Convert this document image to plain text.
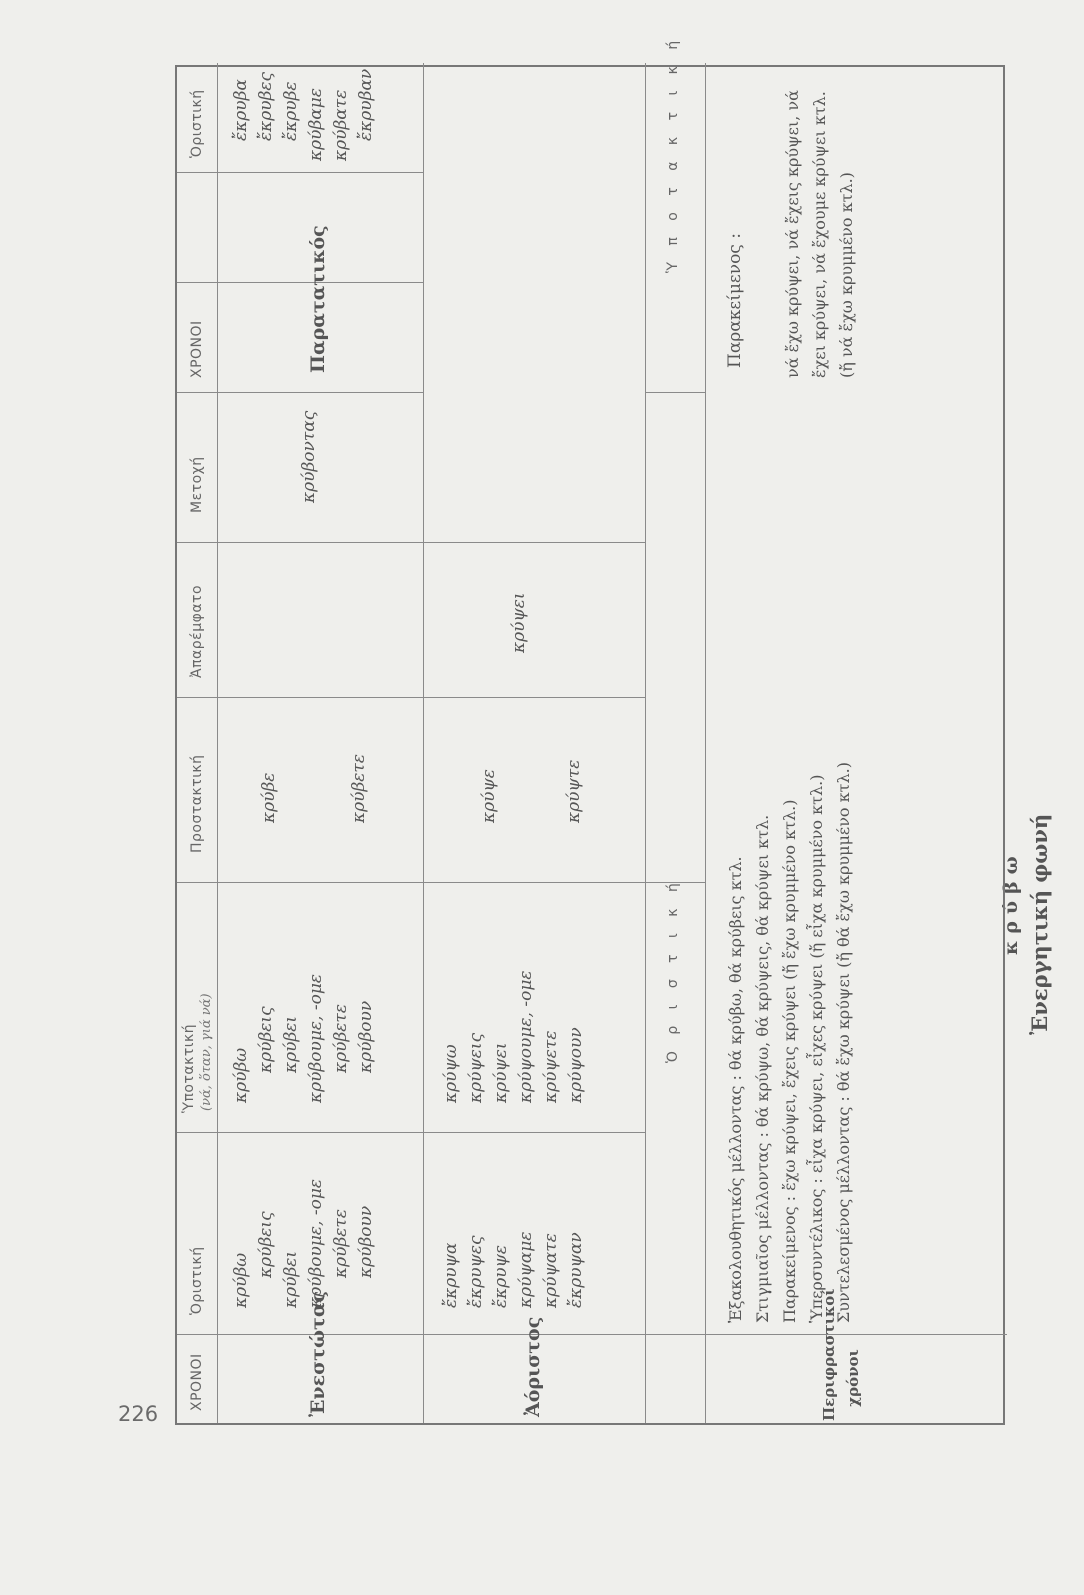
226
Ἐνεργητική φωνή
κρύβω
ΧΡΟΝΟΙ
Ὁριστική
Ὑποτακτική (νά, ὅταν, γιά νά)
Προστακτική
Ἀπαρέμφατο
Μετοχή
ΧΡΟΝΟΙ
Ὁριστική
Ἐνεστώτας
κρύβω
κρύβεις
κρύβει κρύβουμε, -ομε κρύβετε κρύβουν
κρύβω
κρύβεις κρύβει κρύβουμε, -ομε κρύβετε κρύβουν
κρύβε	κρύβετε
κρύβοντας
Παρατατικός
ἔκρυβα ἔκρυβες ἔκρυβε κρύβαμε κρύβατε ἔκρυβαν
Ἀόριστος
ἔκρυψα ἔκρυψες ἔκρυψε κρύψαμε κρύψατε ἔκρυψαν
κρύψω κρύψεις κρύψει κρύψουμε, -ομε κρύψετε κρύψουν
κρύψε	κρύψτε
κρύψει
Ὁ ρ ι σ τ ι κ ή
Ὑ π ο τ α κ τ ι κ ή
Περιφραστικοί χρόνοι
Ἐξακολουθητικός μέλλοντας : θά κρύβω, θά κρύβεις κτλ. Στιγμιαῖος μέλλοντας : θά κρύψω, θά κρύψεις, θά κρύψει κτλ. Παρακείμενος : ἔχω κρύψει, ἔχεις κρύψει (ἤ ἔχω κρυμμένο κτλ.) Ὑπερσυντέλικος : εἶχα κρύψει, εἶχες κρύψει (ἤ εἶχα κρυμμένο κτλ.) Συντελεσμένος μέλλοντας : θά ἔχω κρύψει (ἤ θά ἔχω κρυμμένο κτλ.)
Παρακείμενος : νά ἔχω κρύψει, νά ἔχεις κρύψει, νά ἔχει κρύψει, νά ἔχουμε κρύψει κτλ. (ἤ νά ἔχω κρυμμένο κτλ.)
